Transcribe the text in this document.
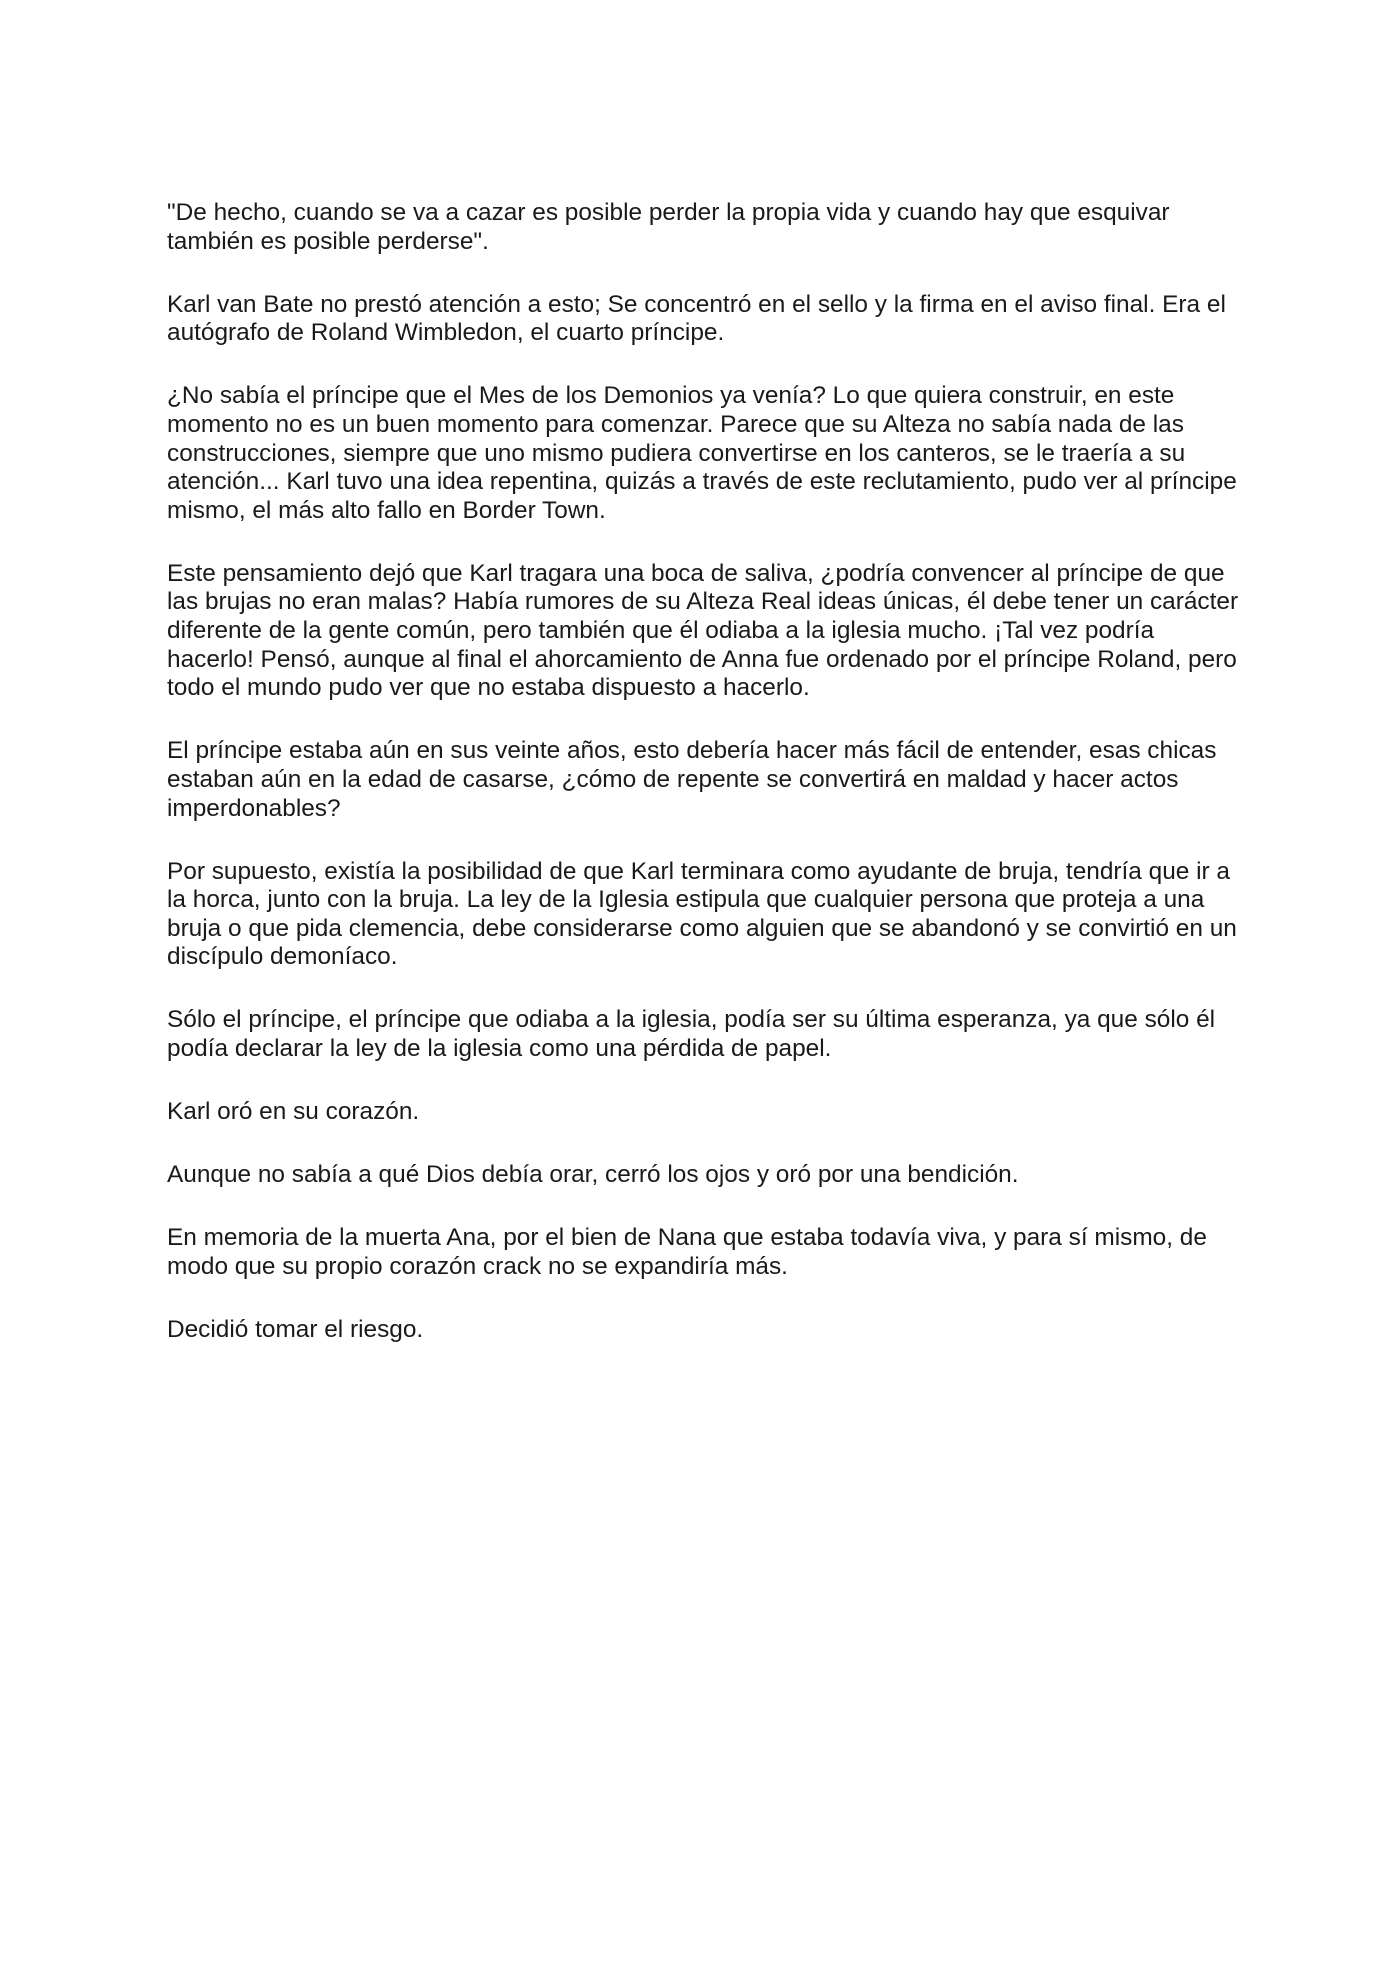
"De hecho, cuando se va a cazar es posible perder la propia vida y cuando hay que esquivar también es posible perderse".

Karl van Bate no prestó atención a esto; Se concentró en el sello y la firma en el aviso final. Era el autógrafo de Roland Wimbledon, el cuarto príncipe.

¿No sabía el príncipe que el Mes de los Demonios ya venía? Lo que quiera construir, en este momento no es un buen momento para comenzar. Parece que su Alteza no sabía nada de las construcciones, siempre que uno mismo pudiera convertirse en los canteros, se le traería a su atención... Karl tuvo una idea repentina, quizás a través de este reclutamiento, pudo ver al príncipe mismo, el más alto fallo en Border Town.

Este pensamiento dejó que Karl tragara una boca de saliva, ¿podría convencer al príncipe de que las brujas no eran malas? Había rumores de su Alteza Real ideas únicas, él debe tener un carácter diferente de la gente común, pero también que él odiaba a la iglesia mucho. ¡Tal vez podría hacerlo! Pensó, aunque al final el ahorcamiento de Anna fue ordenado por el príncipe Roland, pero todo el mundo pudo ver que no estaba dispuesto a hacerlo.

El príncipe estaba aún en sus veinte años, esto debería hacer más fácil de entender, esas chicas estaban aún en la edad de casarse, ¿cómo de repente se convertirá en maldad y hacer actos imperdonables?

Por supuesto, existía la posibilidad de que Karl terminara como ayudante de bruja, tendría que ir a la horca, junto con la bruja. La ley de la Iglesia estipula que cualquier persona que proteja a una bruja o que pida clemencia, debe considerarse como alguien que se abandonó y se convirtió en un discípulo demoníaco.

Sólo el príncipe, el príncipe que odiaba a la iglesia, podía ser su última esperanza, ya que sólo él podía declarar la ley de la iglesia como una pérdida de papel.

Karl oró en su corazón.

Aunque no sabía a qué Dios debía orar, cerró los ojos y oró por una bendición.

En memoria de la muerta Ana, por el bien de Nana que estaba todavía viva, y para sí mismo, de modo que su propio corazón crack no se expandiría más.

Decidió tomar el riesgo.
